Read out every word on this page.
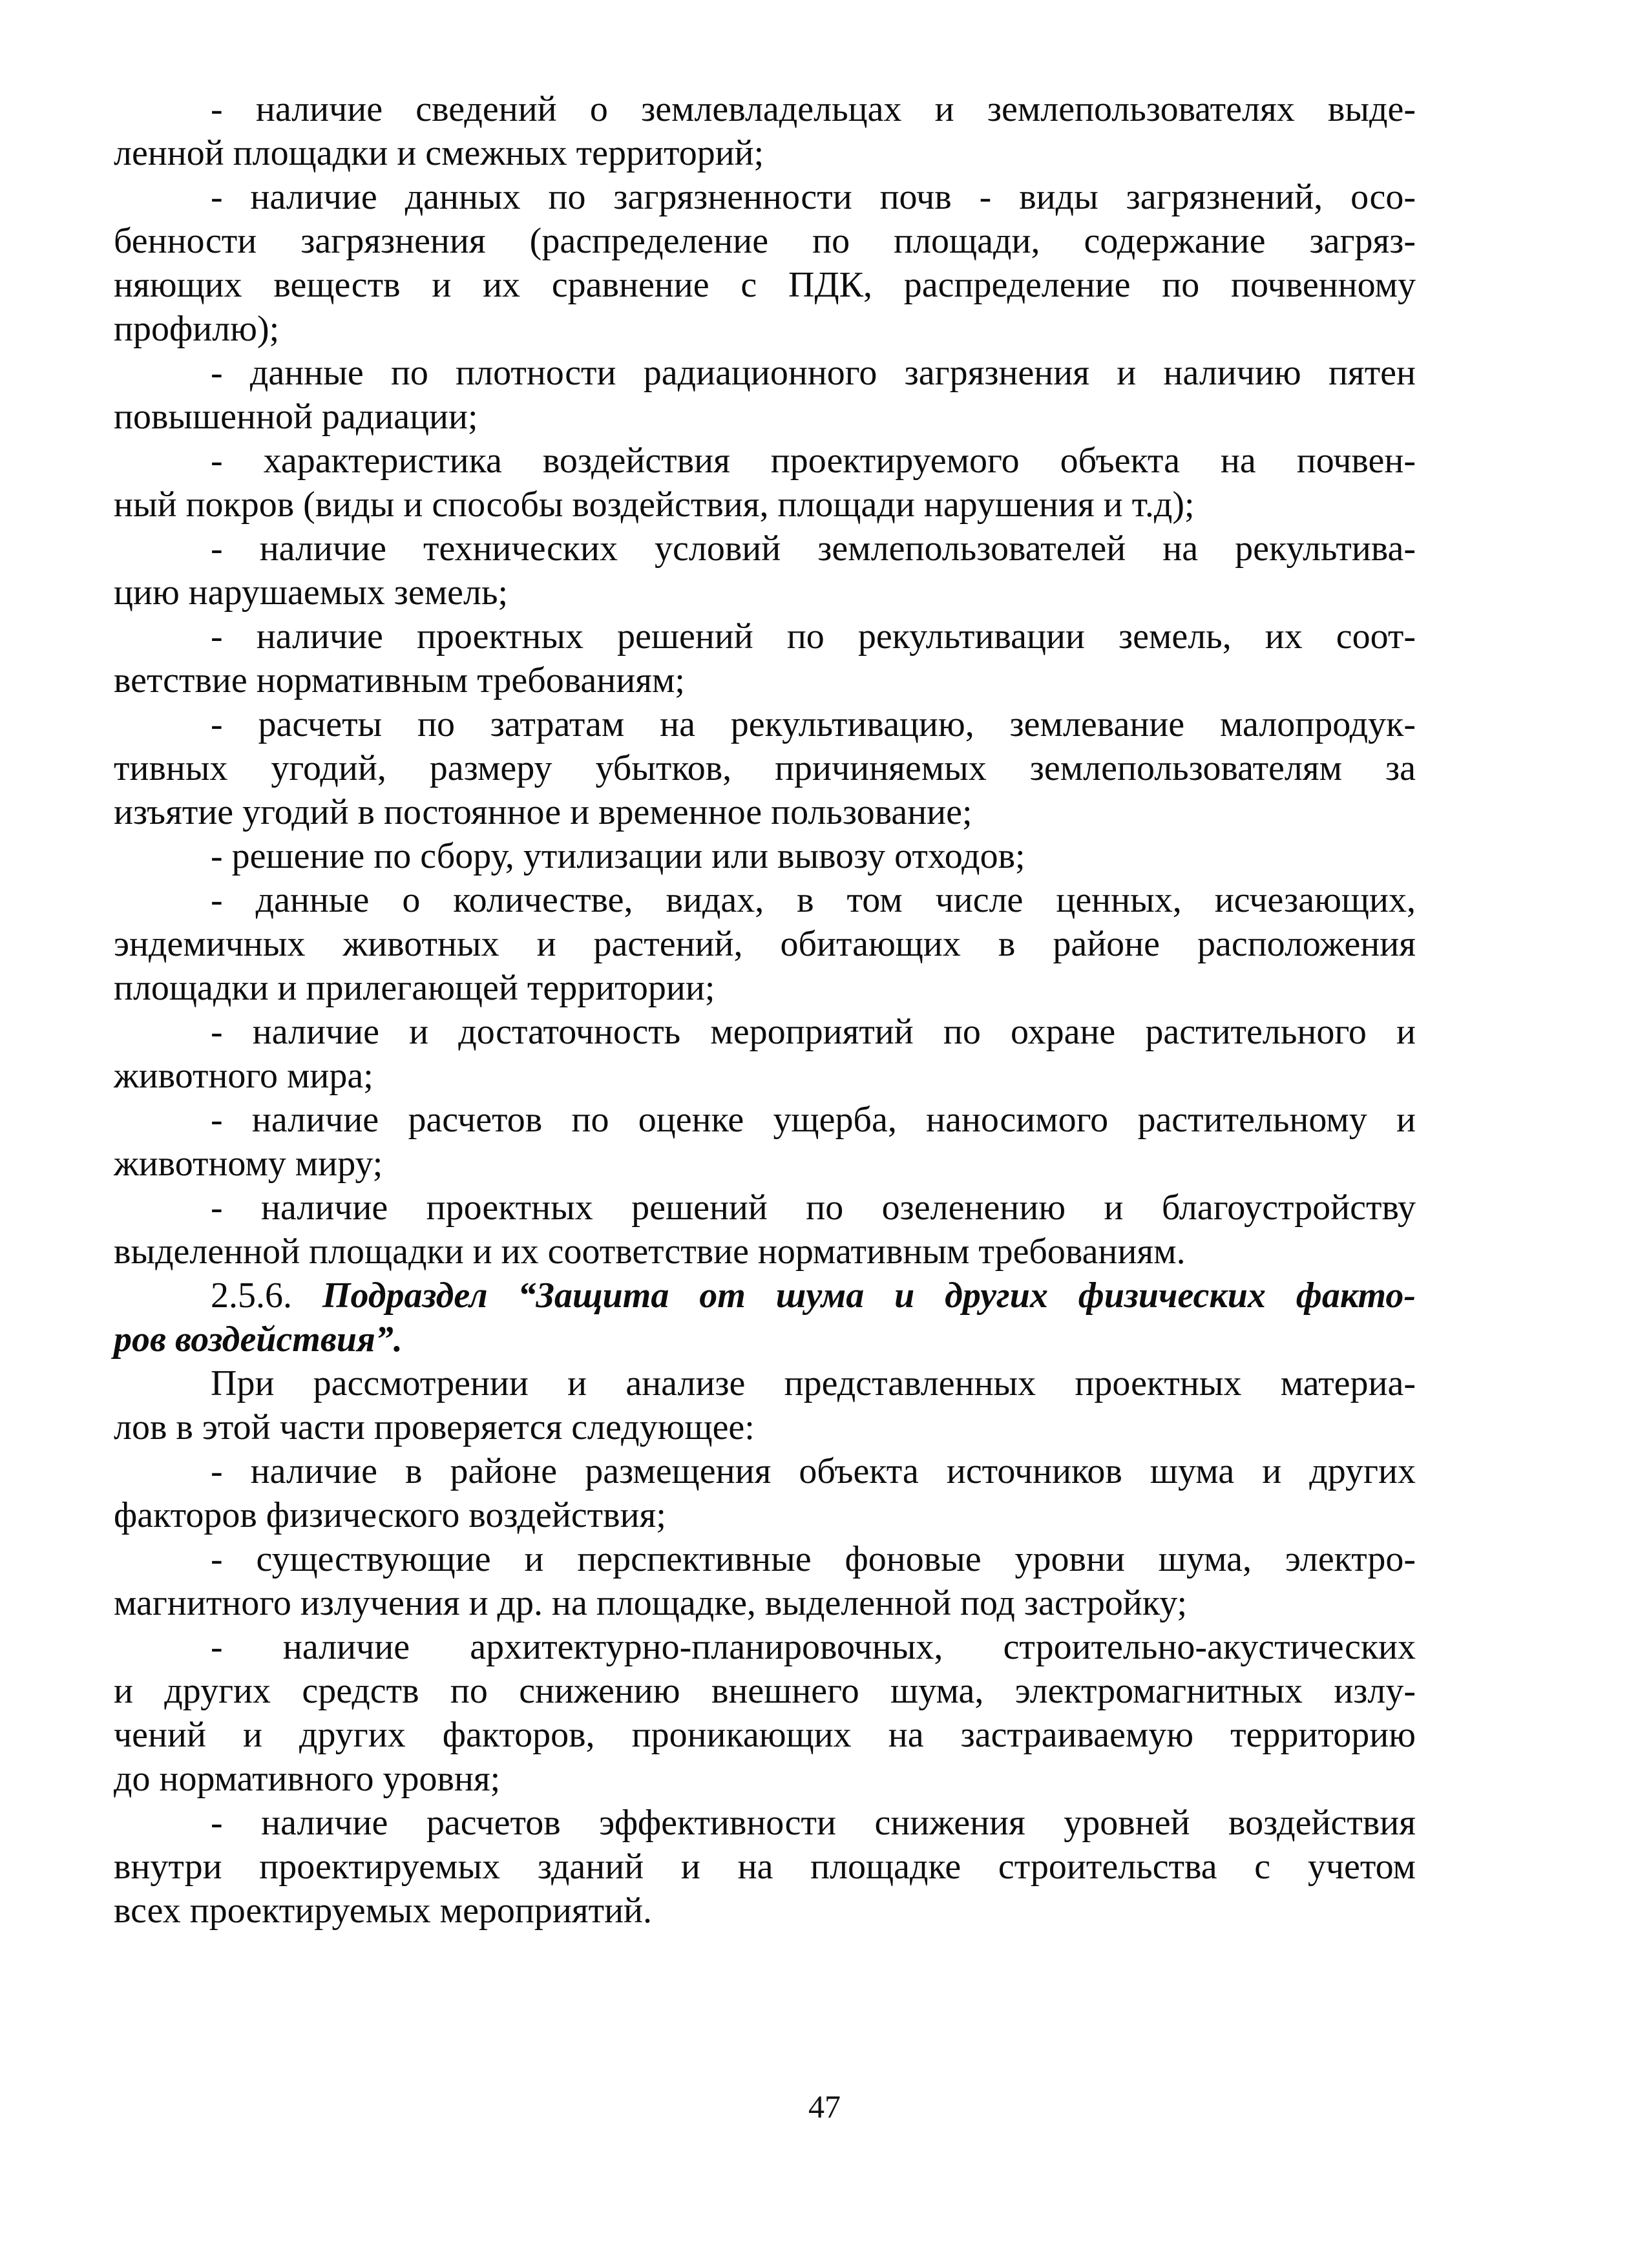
- наличие сведений о землевладельцах и землепользователях выде-
ленной площадки и смежных территорий;

- наличие данных по загрязненности почв - виды загрязнений, осо-
бенности загрязнения (распределение по площади, содержание загряз-
няющих веществ и их сравнение с ПДК, распределение по почвенному
профилю);

- данные по плотности радиационного загрязнения и наличию пятен
повышенной радиации;

- характеристика воздействия проектируемого объекта на почвен-
ный покров (виды и способы воздействия, площади нарушения и т.д);

- наличие технических условий землепользователей на рекультива-
цию нарушаемых земель;

- наличие проектных решений по рекультивации земель, их соот-
ветствие нормативным требованиям;

- расчеты по затратам на рекультивацию, землевание малопродук-
тивных угодий, размеру убытков, причиняемых землепользователям за
изъятие угодий в постоянное и временное пользование;

- решение по сбору, утилизации или вывозу отходов;

- данные о количестве, видах, в том числе ценных, исчезающих,
эндемичных животных и растений, обитающих в районе расположения
площадки и прилегающей территории;

- наличие и достаточность мероприятий по охране растительного и
животного мира;

- наличие расчетов по оценке ущерба, наносимого растительному и
животному миру;

- наличие проектных решений по озеленению и благоустройству
выделенной площадки и их соответствие нормативным требованиям.

2.5.6. Подраздел “Защита от шума и других физических факто-
ров воздействия”.

При рассмотрении и анализе представленных проектных материа-
лов в этой части проверяется следующее:

- наличие в районе размещения объекта источников шума и других
факторов физического воздействия;

- существующие и перспективные фоновые уровни шума, электро-
магнитного излучения и др. на площадке, выделенной под застройку;

- наличие архитектурно-планировочных, строительно-акустических
и других средств по снижению внешнего шума, электромагнитных излу-
чений и других факторов, проникающих на застраиваемую территорию
до нормативного уровня;

- наличие расчетов эффективности снижения уровней воздействия
внутри проектируемых зданий и на площадке строительства с учетом
всех проектируемых мероприятий.

47
